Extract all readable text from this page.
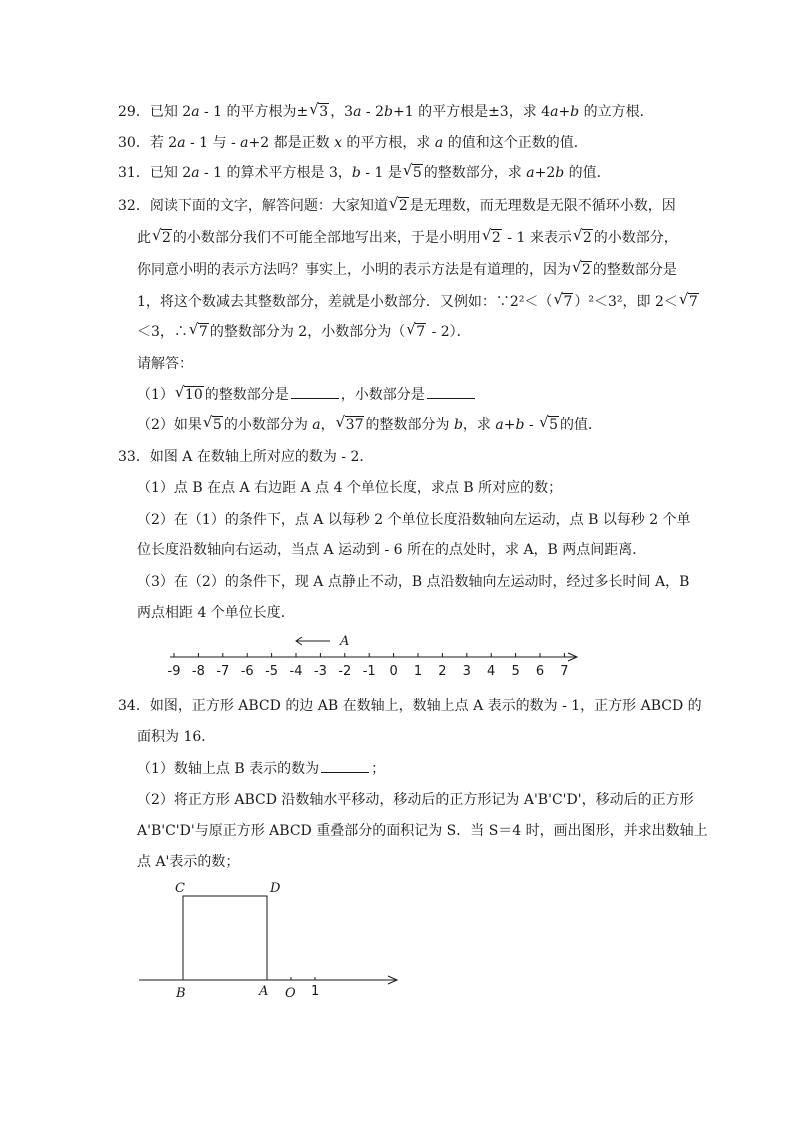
29．已知 2a - 1 的平方根为± √ 3 ，3a - 2b+1 的平方根是±3，求 4a+b 的立方根．
30．若 2a - 1 与 - a+2 都是正数 x 的平方根，求 a 的值和这个正数的值．
31．已知 2a - 1 的算术平方根是 3，b - 1 是 √ 5 的整数部分，求 a+2b 的值．
32．阅读下面的文字，解答问题：大家知道 √ 2 是无理数，而无理数是无限不循环小数，因
此 √ 2 的小数部分我们不可能全部地写出来，于是小明用 √ 2 - 1 来表示 √ 2 的小数部分，
你同意小明的表示方法吗？事实上，小明的表示方法是有道理的，因为 √ 2 的整数部分是
1，将这个数减去其整数部分，差就是小数部分．又例如：∵2²＜（ √ 7 ）²＜3²，即 2＜ √ 7
＜3，∴ √ 7 的整数部分为 2，小数部分为（ √ 7 - 2）．
请解答：
（1） √ 10 的整数部分是	，小数部分是
（2）如果 √ 5 的小数部分为 a， √ 37 的整数部分为 b，求 a+b - √ 5 的值．
33．如图 A 在数轴上所对应的数为 - 2．
（1）点 B 在点 A 右边距 A 点 4 个单位长度，求点 B 所对应的数；
（2）在（1）的条件下，点 A 以每秒 2 个单位长度沿数轴向左运动，点 B 以每秒 2 个单
位长度沿数轴向右运动，当点 A 运动到 - 6 所在的点处时，求 A，B 两点间距离．
（3）在（2）的条件下，现 A 点静止不动，B 点沿数轴向左运动时，经过多长时间 A，B
两点相距 4 个单位长度．
A
-9 -8 -7 -6 -5 -4 -3 -2 -1 0 1 2 3 4 5 6 7
34．如图，正方形 ABCD 的边 AB 在数轴上，数轴上点 A 表示的数为 - 1，正方形 ABCD 的
面积为 16．
（1）数轴上点 B 表示的数为	；
（2）将正方形 ABCD 沿数轴水平移动，移动后的正方形记为 A'B'C'D'，移动后的正方形
A'B'C'D'与原正方形 ABCD 重叠部分的面积记为 S．当 S＝4 时，画出图形，并求出数轴上
点 A'表示的数；
C	D
B	A O 1
